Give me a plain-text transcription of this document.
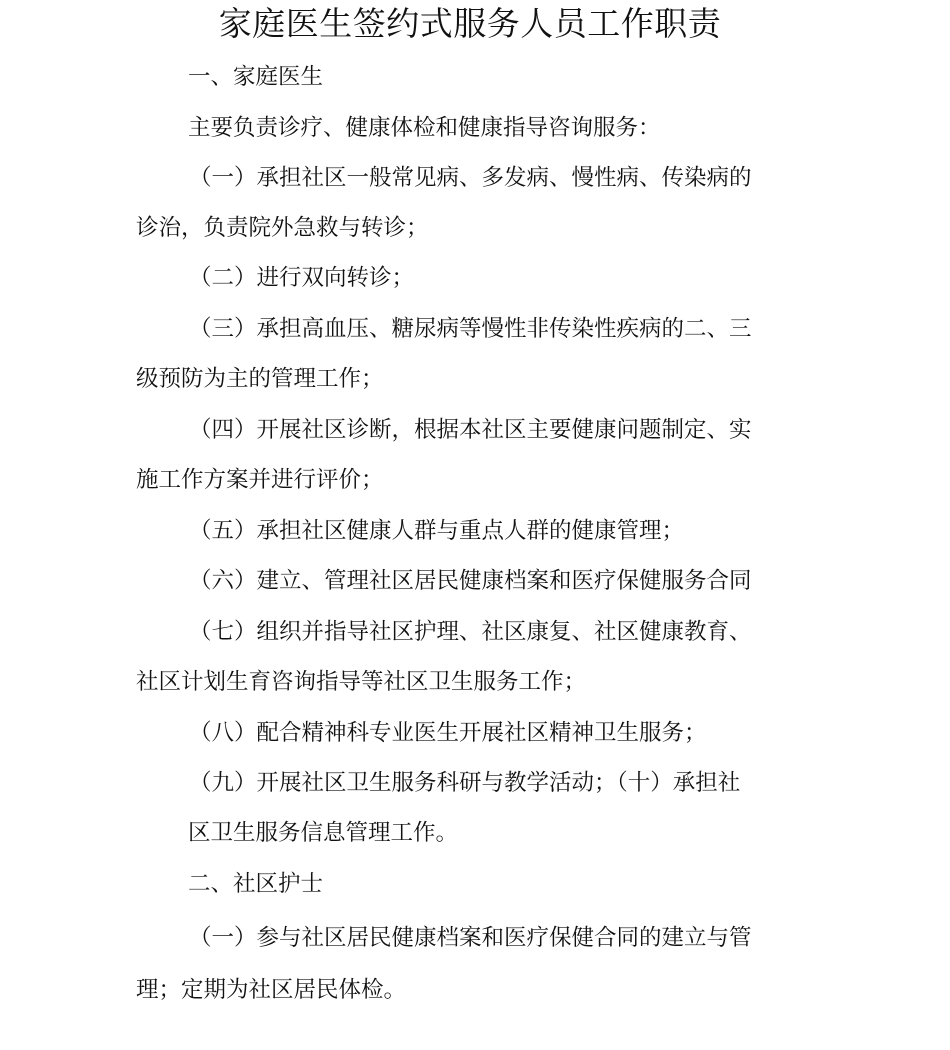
家庭医生签约式服务人员工作职责

一、家庭医生

主要负责诊疗、健康体检和健康指导咨询服务：

（一）承担社区一般常见病、多发病、慢性病、传染病的

诊治，负责院外急救与转诊；

（二）进行双向转诊；

（三）承担高血压、糖尿病等慢性非传染性疾病的二、三

级预防为主的管理工作；

（四）开展社区诊断，根据本社区主要健康问题制定、实

施工作方案并进行评价；

（五）承担社区健康人群与重点人群的健康管理；

（六）建立、管理社区居民健康档案和医疗保健服务合同

（七）组织并指导社区护理、社区康复、社区健康教育、

社区计划生育咨询指导等社区卫生服务工作；

（八）配合精神科专业医生开展社区精神卫生服务；

（九）开展社区卫生服务科研与教学活动；（十）承担社

区卫生服务信息管理工作。

二、社区护士

（一）参与社区居民健康档案和医疗保健合同的建立与管

理；定期为社区居民体检。
